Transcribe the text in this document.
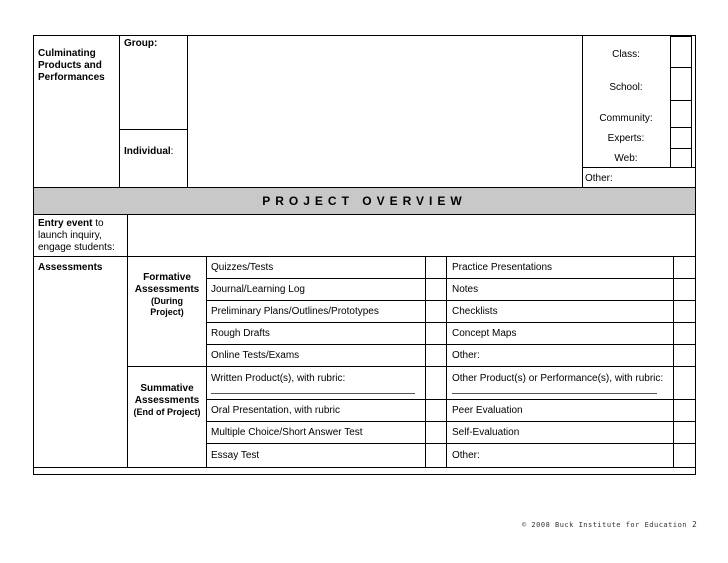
Culminating Products and Performances
Group:
Individual:
Class:
School:
Community:
Experts:
Web:
Other:
PROJECT OVERVIEW
Entry event to launch inquiry, engage students:
Assessments
Formative Assessments
(During Project)
Summative Assessments
(End of Project)
Quizzes/Tests
Journal/Learning Log
Preliminary Plans/Outlines/Prototypes
Rough Drafts
Online Tests/Exams
Practice Presentations
Notes
Checklists
Concept Maps
Other:
Written Product(s), with rubric:
Oral Presentation, with rubric
Multiple Choice/Short Answer Test
Essay Test
Other Product(s) or Performance(s), with rubric:
Peer Evaluation
Self-Evaluation
Other:
© 2008 Buck Institute for Education 2
